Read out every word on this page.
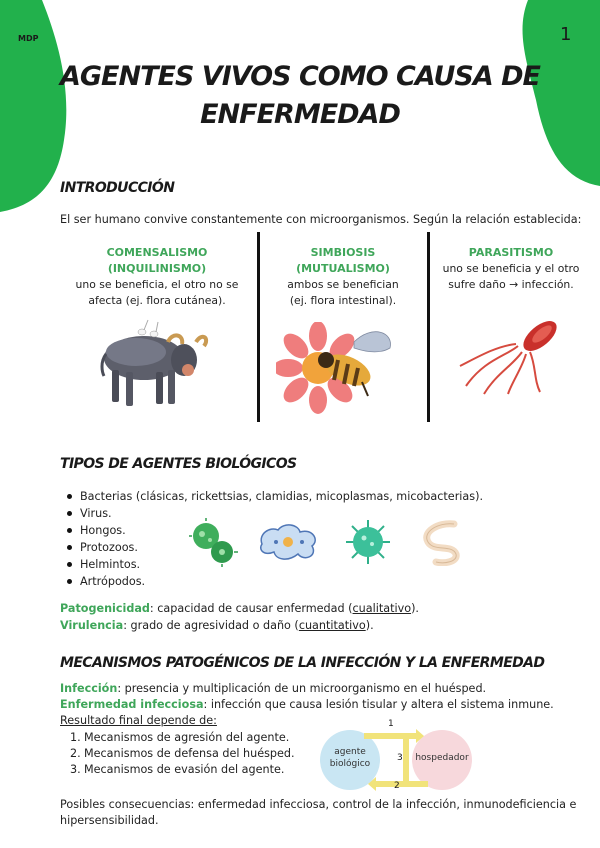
MDP	1
AGENTES VIVOS COMO CAUSA DE
ENFERMEDAD
INTRODUCCIÓN
El ser humano convive constantemente con microorganismos. Según la relación establecida:
COMENSALISMO
(INQUILINISMO)
uno se beneficia, el otro no se
afecta (ej. flora cutánea).
SIMBIOSIS
(MUTUALISMO)
ambos se benefician
(ej. flora intestinal).
PARASITISMO
uno se beneficia y el otro
sufre daño → infección.
TIPOS DE AGENTES BIOLÓGICOS
Bacterias (clásicas, rickettsias, clamidias, micoplasmas, micobacterias).
Virus.
Hongos.
Protozoos.
Helmintos.
Artrópodos.
Patogenicidad: capacidad de causar enfermedad (cualitativo).
Virulencia: grado de agresividad o daño (cuantitativo).
MECANISMOS PATOGÉNICOS DE LA INFECCIÓN Y LA ENFERMEDAD
Infección: presencia y multiplicación de un microorganismo en el huésped.
Enfermedad infecciosa: infección que causa lesión tisular y altera el sistema inmune.
Resultado final depende de:
1. Mecanismos de agresión del agente.
2. Mecanismos de defensa del huésped.
3. Mecanismos de evasión del agente.
1
3
2
agente
biológico
hospedador
Posibles consecuencias: enfermedad infecciosa, control de la infección, inmunodeficiencia e
hipersensibilidad.
